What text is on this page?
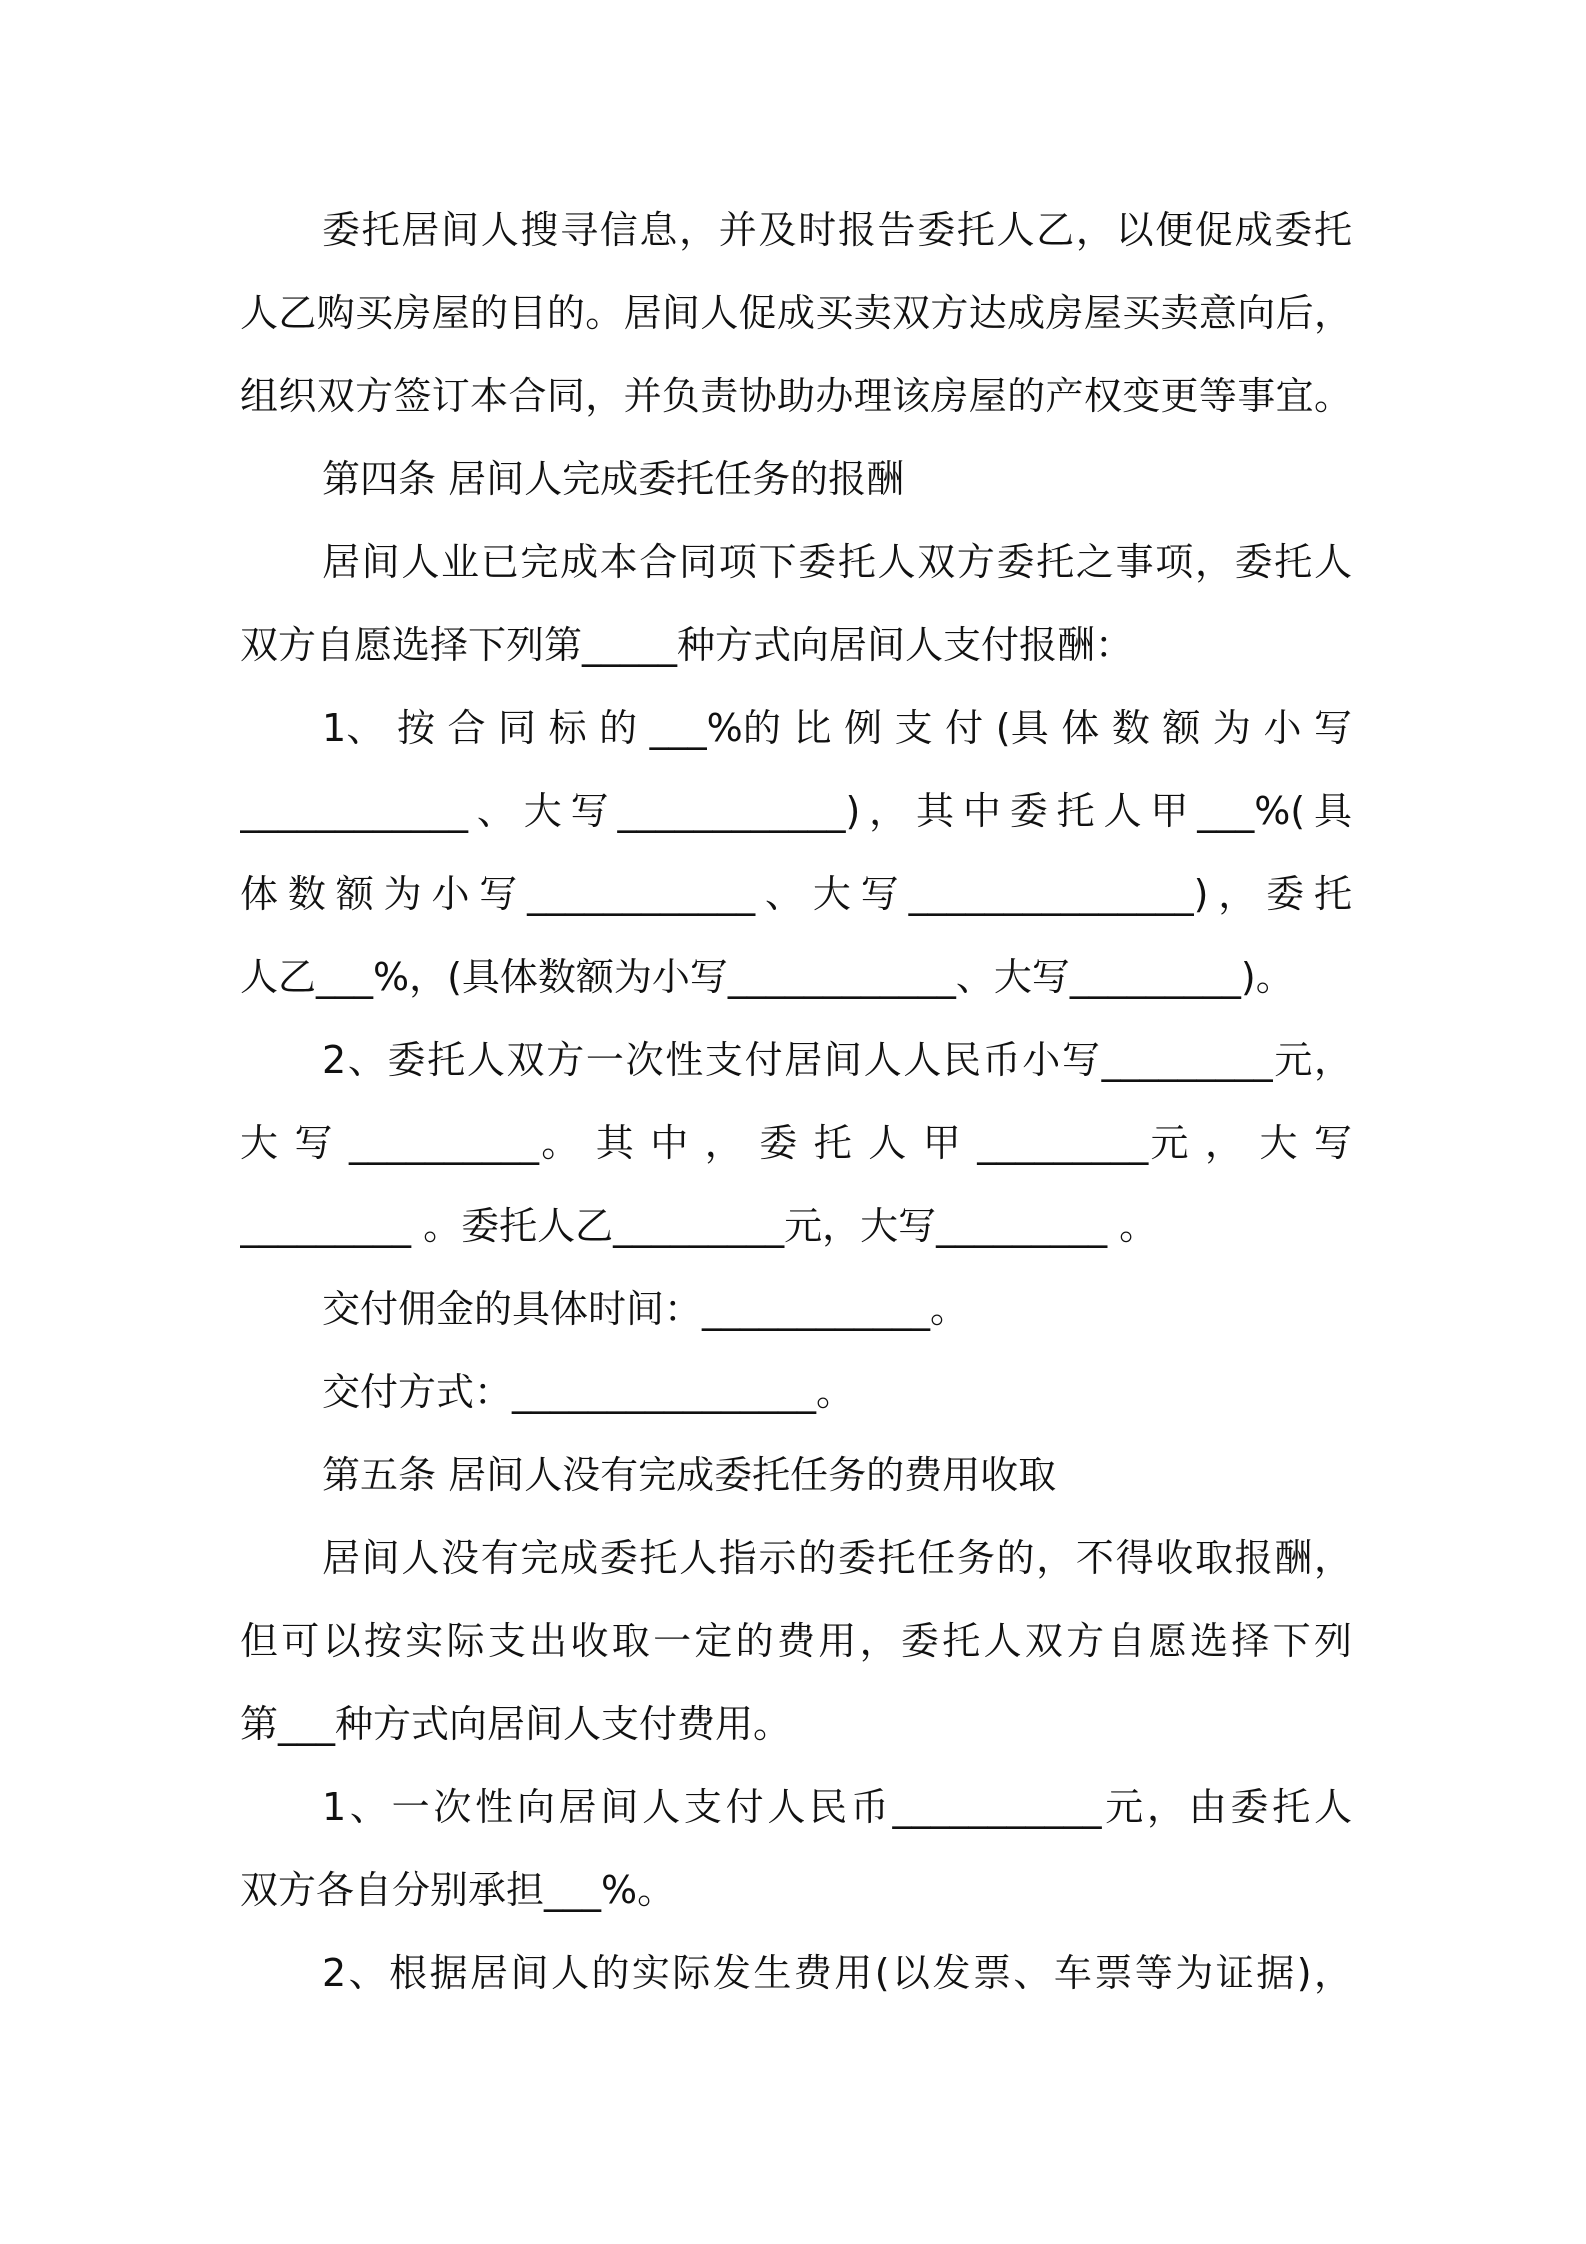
委托居间人搜寻信息，并及时报告委托人乙，以便促成委托
人乙购买房屋的目的。居间人促成买卖双方达成房屋买卖意向后，
组织双方签订本合同，并负责协助办理该房屋的产权变更等事宜。
第四条 居间人完成委托任务的报酬
居间人业已完成本合同项下委托人双方委托之事项，委托人
双方自愿选择下列第_____种方式向居间人支付报酬：
1、 按 合 同 标 的 ___%的 比 例 支 付 (具 体 数 额 为 小 写
____________、大写____________)，其中委托人甲___%(具
体数额为小写____________、大写_______________)，委托
人乙___%，(具体数额为小写____________、大写_________)。
2、委托人双方一次性支付居间人人民币小写_________元，
大 写 __________。 其 中 ， 委 托 人 甲 _________元 ， 大 写
_________ 。委托人乙_________元，大写_________ 。
交付佣金的具体时间：____________。
交付方式：________________。
第五条 居间人没有完成委托任务的费用收取
居间人没有完成委托人指示的委托任务的，不得收取报酬，
但可以按实际支出收取一定的费用，委托人双方自愿选择下列
第___种方式向居间人支付费用。
1、一次性向居间人支付人民币___________元，由委托人
双方各自分别承担___%。
2、根据居间人的实际发生费用(以发票、车票等为证据)，
